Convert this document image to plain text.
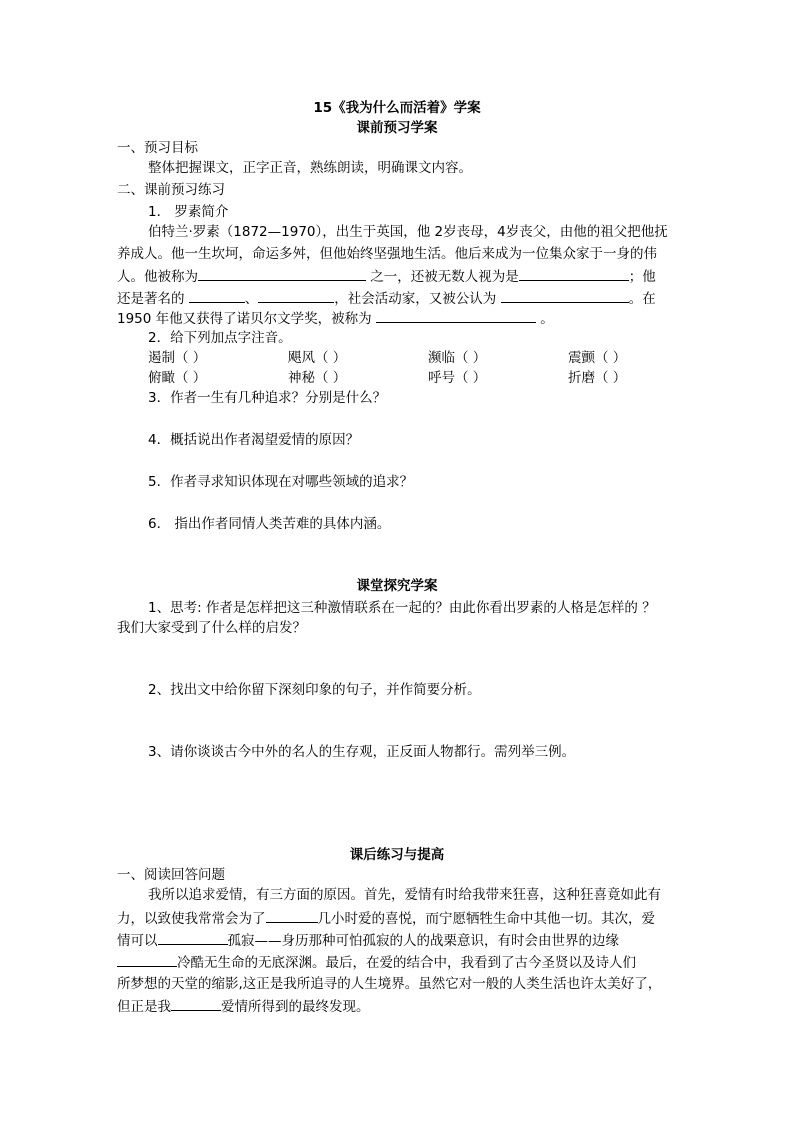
15《我为什么而活着》学案
课前预习学案
一、预习目标
整体把握课文，正字正音，熟练朗读，明确课文内容。
二、课前预习练习
1． 罗素简介
伯特兰·罗素（1872—1970），出生于英国，他 2岁丧母，4岁丧父，由他的祖父把他抚
养成人。他一生坎坷，命运多舛，但他始终坚强地生活。他后来成为一位集众家于一身的伟
人。他被称为	之一，还被无数人视为是	；他
还是著名的	、	，社会活动家，又被公认为	。在
1950 年他又获得了诺贝尔文学奖，被称为	。
2．给下列加点字注音。
遏制（ ）	飓风（ ）	濒临（ ）	震颤（ ）
俯瞰（ ）	神秘（ ）	呼号（ ）	折磨（ ）
3．作者一生有几种追求？分别是什么？
4．概括说出作者渴望爱情的原因？
5．作者寻求知识体现在对哪些领域的追求？
6． 指出作者同情人类苦难的具体内涵。
课堂探究学案
1、思考: 作者是怎样把这三种激情联系在一起的？由此你看出罗素的人格是怎样的 ？
我们大家受到了什么样的启发？
2、找出文中给你留下深刻印象的句子，并作简要分析。
3、请你谈谈古今中外的名人的生存观，正反面人物都行。需列举三例。
课后练习与提高
一、阅读回答问题
我所以追求爱情，有三方面的原因。首先，爱情有时给我带来狂喜，这种狂喜竟如此有
力，以致使我常常会为了	几小时爱的喜悦，而宁愿牺牲生命中其他一切。其次，爱
情可以	孤寂——身历那种可怕孤寂的人的战栗意识，有时会由世界的边缘
冷酷无生命的无底深渊。最后，在爱的结合中，我看到了古今圣贤以及诗人们
所梦想的天堂的缩影,这正是我所追寻的人生境界。虽然它对一般的人类生活也许太美好了，
但正是我	爱情所得到的最终发现。
